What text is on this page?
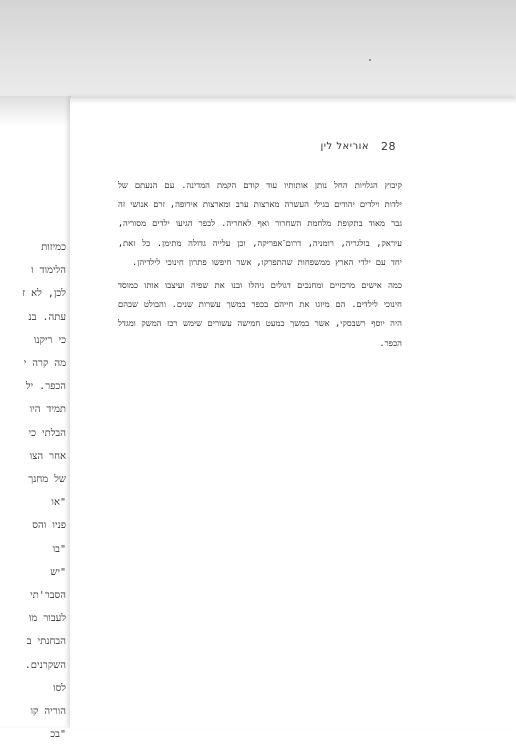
כמיזות
הלימוד ו
לכן, לא ז
עתה. בנ
כי ריקנו
מה קרה י
הכפר. יל
תמיד היו
הבלתי כי
אחר הצו
של מחנך
"או
פניו והס
"בו
"יש
הסבר'תי
לעבור מו
הבחנתי ב
השקרנים.
לסו
הוריה קו
"בכ
28
אוריאל לין

קיבוץ הגלויות החל נותן אותותיו עוד קודם הקמת המדינה. עם הנעתם של ילדות וילדים יהודים בגילי העשרה מארצות ערב ומארצות אירופה, זרם אנושי זה גבר מאוד בתקופת מלחמת השחרור ואף לאחריה. לכפר הגיעו ילדים מסוריה, עיראק, בולגריה, רומניה, דרום־אפריקה, וכן עלייה גדולה מתימן. כל זאת, יחד עם ילדי הארץ ממשפחות שהתפרקו, אשר חיפשו פתרון חינוכי לילדיהן.

כמה אישים מרכזיים ומחנכים דגולים ניהלו ובנו את שפיה ועיצבו אותו כמוסד חינוכי לילדים. הם מיזגו את חייהם בכפר במשך עשרות שנים. והבולט שבהם היה יוסף רשבסקי, אשר במשך כמעט חמישה עשורים שימש רכז המשק ומגדל הכפר.
